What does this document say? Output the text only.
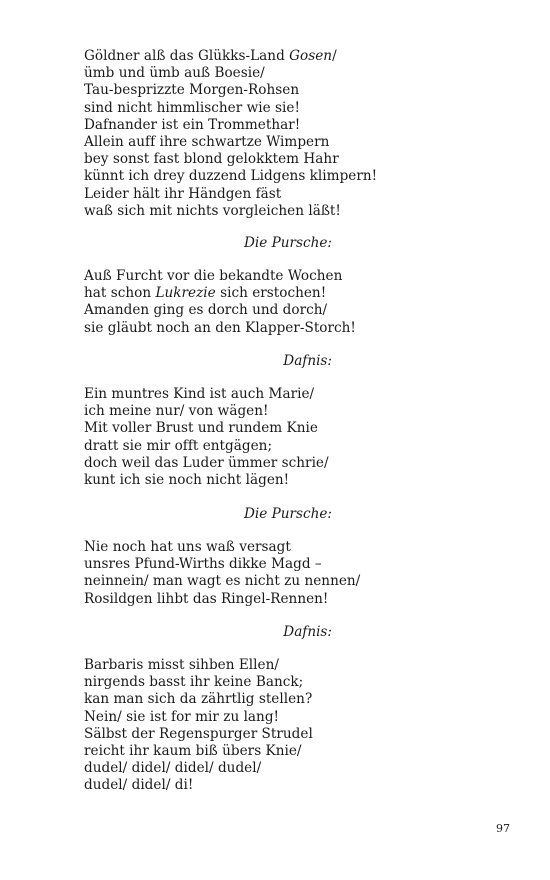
Göldner alß das Glükks-Land Gosen/
ümb und ümb auß Boesie/
Tau-besprizzte Morgen-Rohsen
sind nicht himmlischer wie sie!
Dafnander ist ein Trommethar!
Allein auff ihre schwartze Wimpern
bey sonst fast blond gelokktem Hahr
künnt ich drey duzzend Lidgens klimpern!
Leider hält ihr Händgen fäst
waß sich mit nichts vorgleichen läßt!
Die Pursche:
Auß Furcht vor die bekandte Wochen
hat schon Lukrezie sich erstochen!
Amanden ging es dorch und dorch/
sie gläubt noch an den Klapper-Storch!
Dafnis:
Ein muntres Kind ist auch Marie/
ich meine nur/ von wägen!
Mit voller Brust und rundem Knie
dratt sie mir offt entgägen;
doch weil das Luder ümmer schrie/
kunt ich sie noch nicht lägen!
Die Pursche:
Nie noch hat uns waß versagt
unsres Pfund-Wirths dikke Magd –
neinnein/ man wagt es nicht zu nennen/
Rosildgen lihbt das Ringel-Rennen!
Dafnis:
Barbaris misst sihben Ellen/
nirgends basst ihr keine Banck;
kan man sich da zährtlig stellen?
Nein/ sie ist for mir zu lang!
Sälbst der Regenspurger Strudel
reicht ihr kaum biß übers Knie/
dudel/ didel/ didel/ dudel/
dudel/ didel/ di!
97
